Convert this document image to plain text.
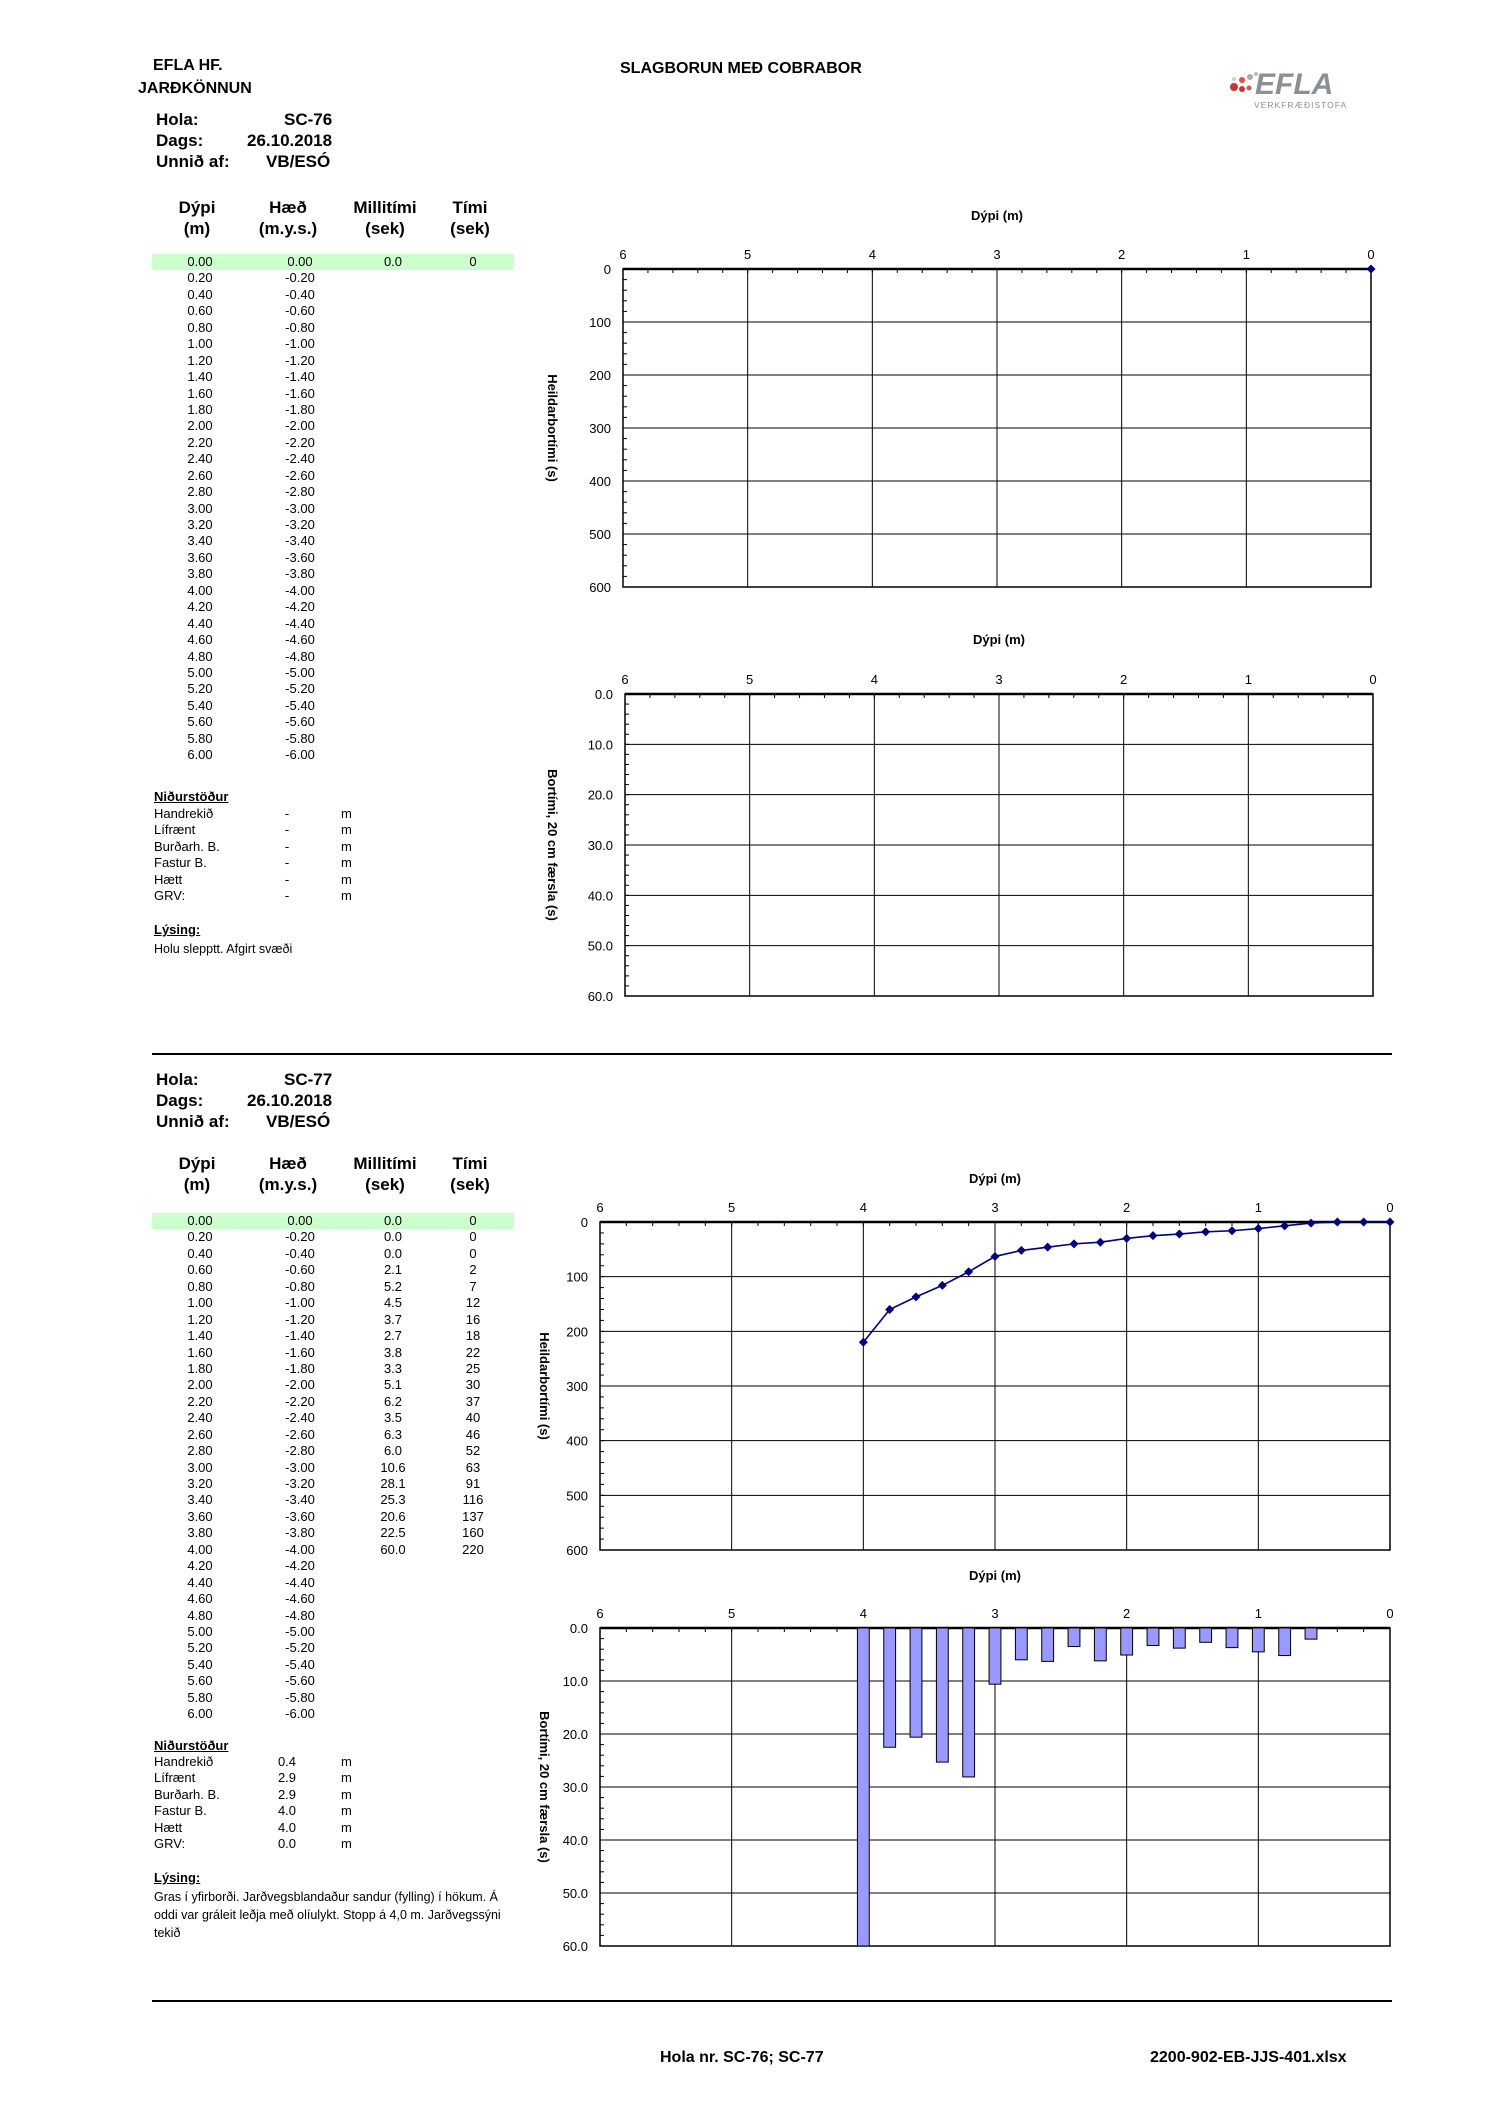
EFLA HF.
JARÐKÖNNUN
SLAGBORUN MEÐ COBRABOR	EFLA
VERKFRÆÐISTOFA
Hola:	SC-76
Dags:	26.10.2018
Unnið af: VB/ESÓ
Dýpi
(m)
Hæð
(m.y.s.)
Millitími
(sek)
Tími
(sek)
0.00	0.00	0.0	0
0.20	-0.20
0.40	-0.40
0.60	-0.60
0.80	-0.80
1.00	-1.00
1.20	-1.20
1.40	-1.40
1.60	-1.60
1.80	-1.80
2.00	-2.00
2.20	-2.20
2.40	-2.40
2.60	-2.60
2.80	-2.80
3.00	-3.00
3.20	-3.20
3.40	-3.40
3.60	-3.60
3.80	-3.80
4.00	-4.00
4.20	-4.20
4.40	-4.40
4.60	-4.60
4.80	-4.80
5.00	-5.00
5.20	-5.20
5.40	-5.40
5.60	-5.60
5.80	-5.80
6.00	-6.00
Niðurstöður
Handrekið	-	m
Lífrænt	-	m
Burðarh. B.	-	m
Fastur B.	-	m
Hætt	-	m
GRV:	-	m
Lýsing:
Holu slepptt. Afgirt svæði
Dýpi (m)
Heildarbortími (s)
0
100
200
300
400
500
600
6	5	4	3	2	1	0
Dýpi (m)
Bortími, 20 cm færsla (s)
0.0
10.0
20.0
30.0
40.0
50.0
60.0
6	5	4	3	2	1	0
Hola:	SC-77
Dags:	26.10.2018
Unnið af: VB/ESÓ
Dýpi
(m)
Hæð
(m.y.s.)
Millitími
(sek)
Tími
(sek)
0.00	0.00	0.0	0
0.20	-0.20	0.0	0
0.40	-0.40	0.0	0
0.60	-0.60	2.1	2
0.80	-0.80	5.2	7
1.00	-1.00	4.5	12
1.20	-1.20	3.7	16
1.40	-1.40	2.7	18
1.60	-1.60	3.8	22
1.80	-1.80	3.3	25
2.00	-2.00	5.1	30
2.20	-2.20	6.2	37
2.40	-2.40	3.5	40
2.60	-2.60	6.3	46
2.80	-2.80	6.0	52
3.00	-3.00	10.6	63
3.20	-3.20	28.1	91
3.40	-3.40	25.3	116
3.60	-3.60	20.6	137
3.80	-3.80	22.5	160
4.00	-4.00	60.0	220
4.20	-4.20
4.40	-4.40
4.60	-4.60
4.80	-4.80
5.00	-5.00
5.20	-5.20
5.40	-5.40
5.60	-5.60
5.80	-5.80
6.00	-6.00
Niðurstöður
Handrekið	0.4	m
Lífrænt	2.9	m
Burðarh. B.	2.9	m
Fastur B.	4.0	m
Hætt	4.0	m
GRV:	0.0	m
Lýsing:
Gras í yfirborði. Jarðvegsblandaður sandur (fylling) í hökum. Á oddi var gráleit leðja með olíulykt. Stopp á 4,0 m. Jarðvegssýni tekið
Dýpi (m)
Heildarbortími (s)
0
100
200
300
400
500
600
6	5	4	3	2	1	0
Dýpi (m)
Bortími, 20 cm færsla (s)
0.0
10.0
20.0
30.0
40.0
50.0
60.0
6	5	4	3	2	1	0
Hola nr. SC-76; SC-77	2200-902-EB-JJS-401.xlsx
